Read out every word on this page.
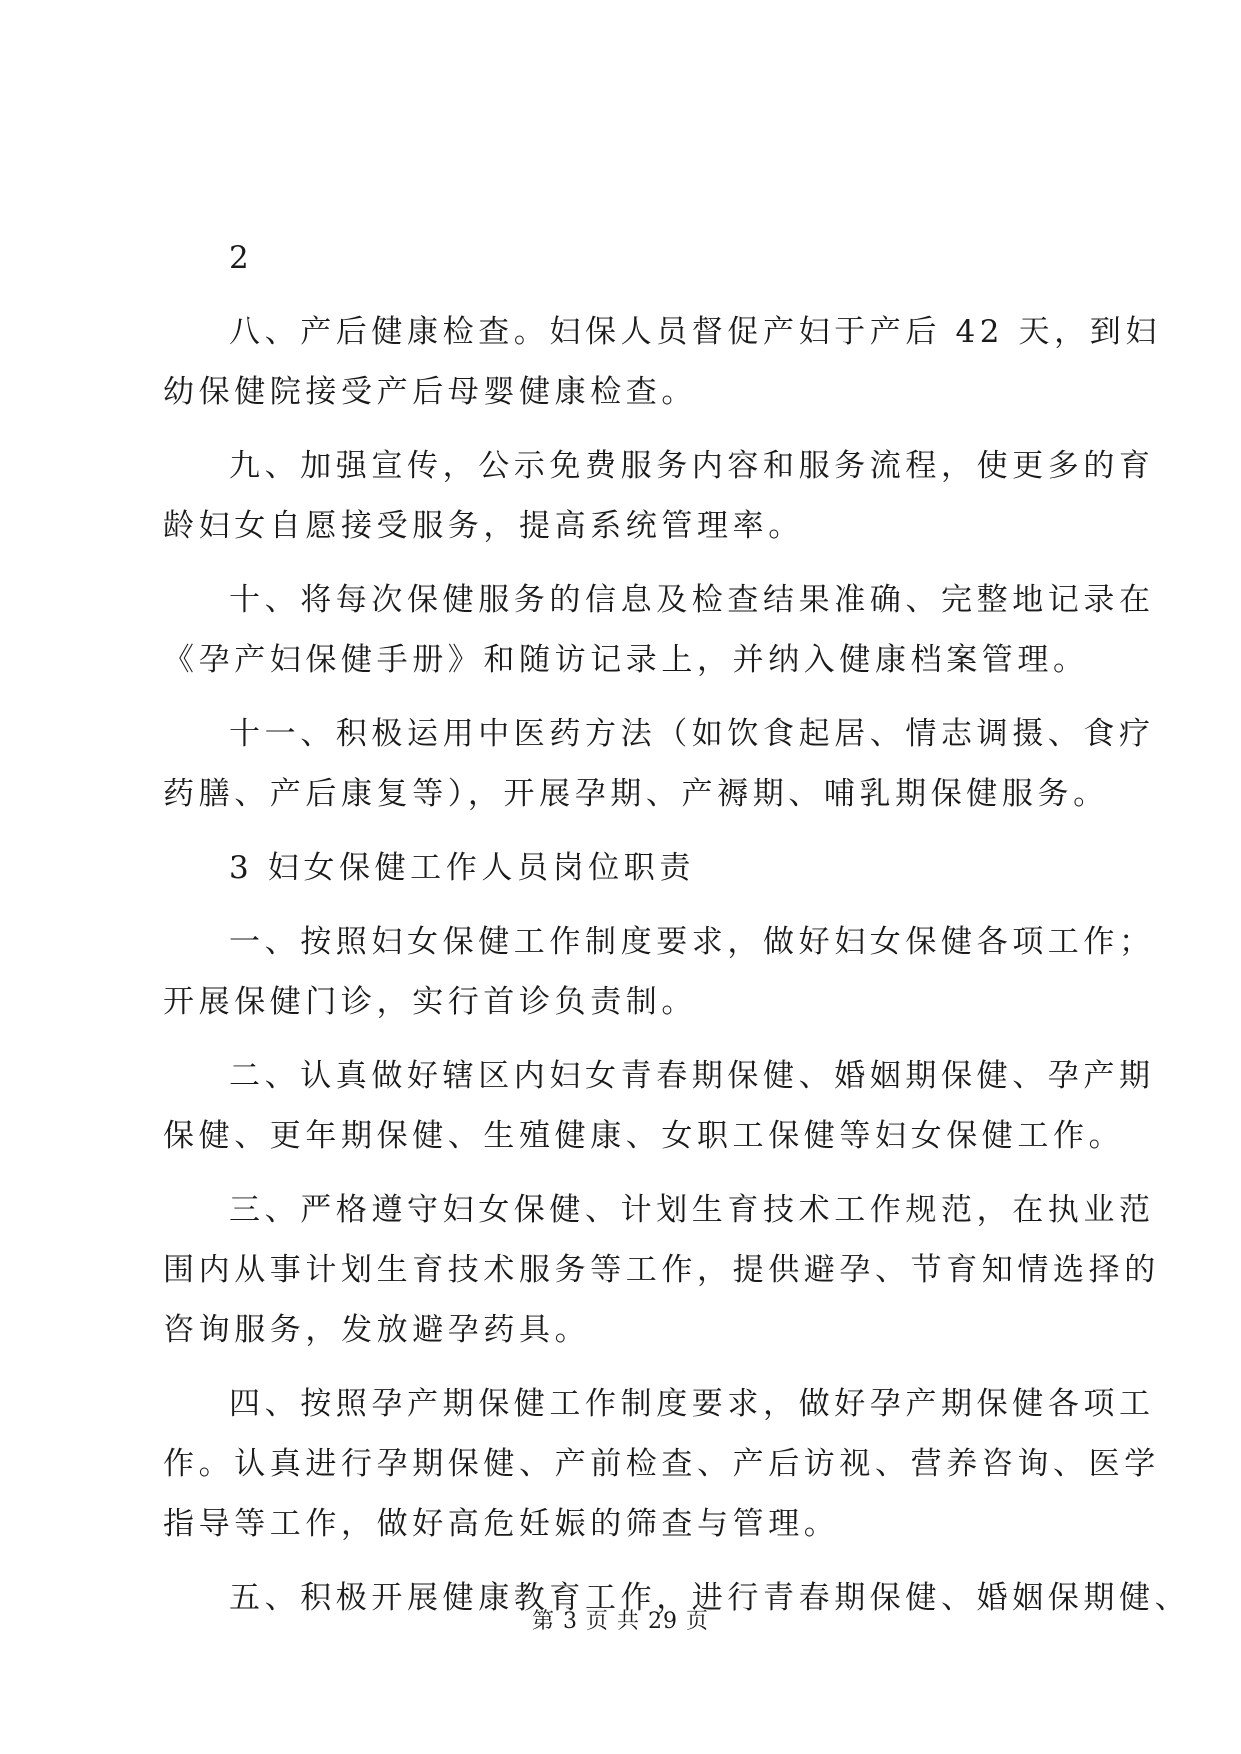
2
八、产后健康检查。妇保人员督促产妇于产后 42 天，到妇
幼保健院接受产后母婴健康检查。
九、加强宣传，公示免费服务内容和服务流程，使更多的育
龄妇女自愿接受服务，提高系统管理率。
十、将每次保健服务的信息及检查结果准确、完整地记录在
《孕产妇保健手册》和随访记录上，并纳入健康档案管理。
十一、积极运用中医药方法（如饮食起居、情志调摄、食疗
药膳、产后康复等），开展孕期、产褥期、哺乳期保健服务。
3 妇女保健工作人员岗位职责
一、按照妇女保健工作制度要求，做好妇女保健各项工作；
开展保健门诊，实行首诊负责制。
二、认真做好辖区内妇女青春期保健、婚姻期保健、孕产期
保健、更年期保健、生殖健康、女职工保健等妇女保健工作。
三、严格遵守妇女保健、计划生育技术工作规范，在执业范
围内从事计划生育技术服务等工作，提供避孕、节育知情选择的
咨询服务，发放避孕药具。
四、按照孕产期保健工作制度要求，做好孕产期保健各项工
作。认真进行孕期保健、产前检查、产后访视、营养咨询、医学
指导等工作，做好高危妊娠的筛查与管理。
五、积极开展健康教育工作，进行青春期保健、婚姻保期健、
第 3 页 共 29 页
